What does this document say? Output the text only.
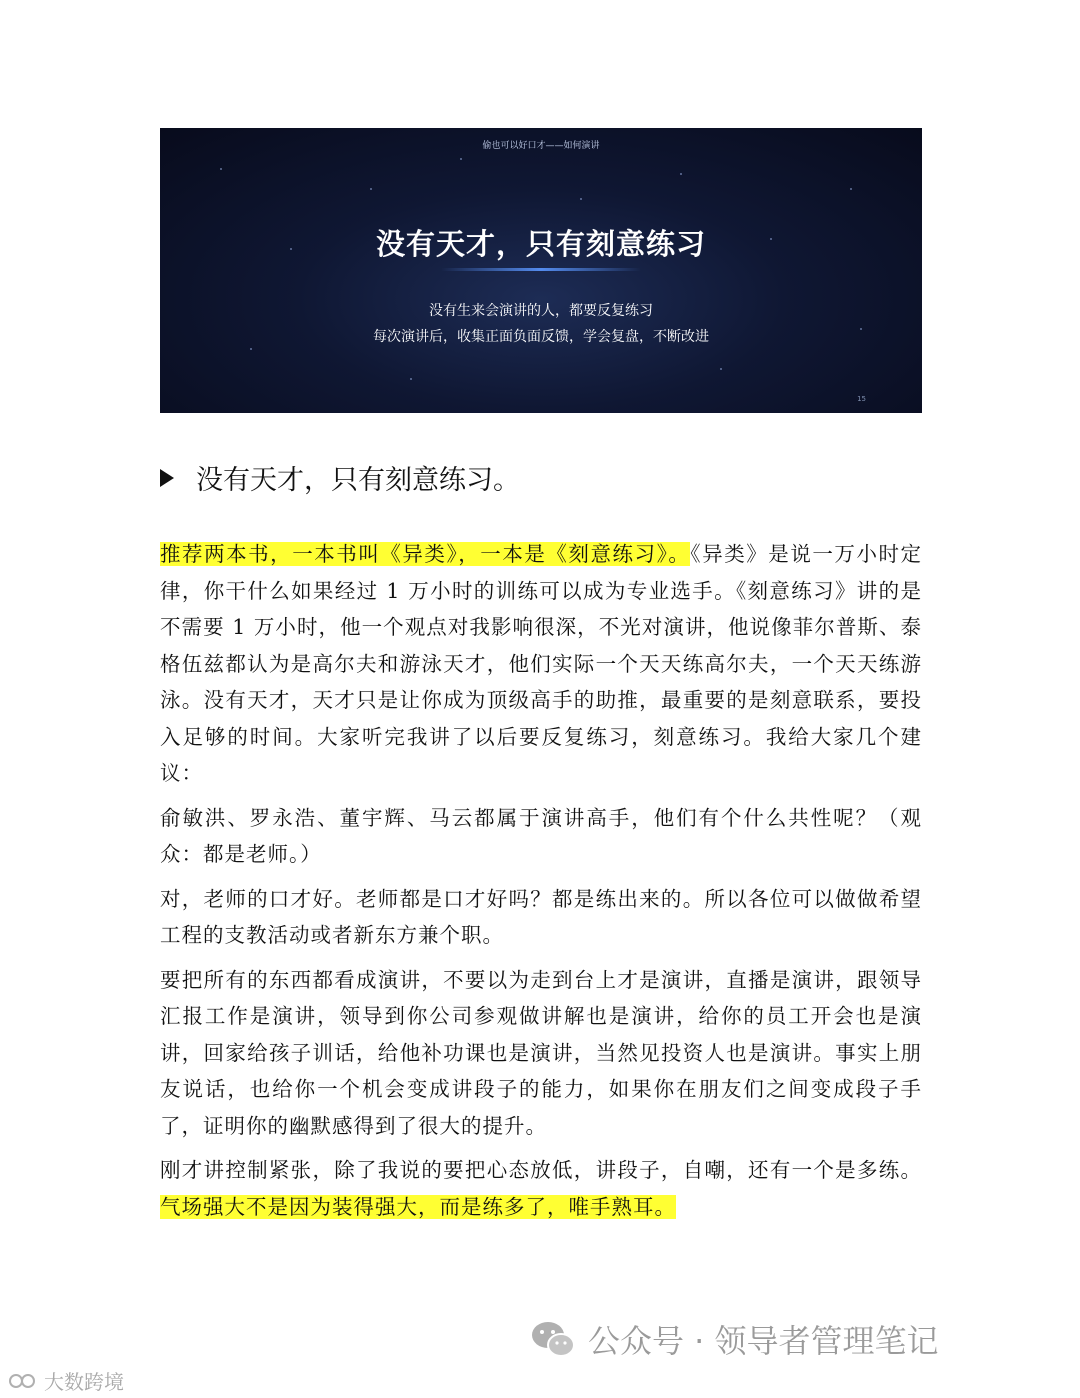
偷也可以好口才——如何演讲
没有天才，只有刻意练习
没有生来会演讲的人，都要反复练习
每次演讲后，收集正面负面反馈，学会复盘，不断改进
15
没有天才，只有刻意练习。

推荐两本书，一本书叫《异类》，一本是《刻意练习》。《异类》是说一万小时定律，你干什么如果经过 1 万小时的训练可以成为专业选手。《刻意练习》讲的是不需要 1 万小时，他一个观点对我影响很深，不光对演讲，他说像菲尔普斯、泰格伍兹都认为是高尔夫和游泳天才，他们实际一个天天练高尔夫，一个天天练游泳。没有天才，天才只是让你成为顶级高手的助推，最重要的是刻意联系，要投入足够的时间。大家听完我讲了以后要反复练习，刻意练习。我给大家几个建议：

俞敏洪、罗永浩、董宇辉、马云都属于演讲高手，他们有个什么共性呢？（观众：都是老师。）

对，老师的口才好。老师都是口才好吗？都是练出来的。所以各位可以做做希望工程的支教活动或者新东方兼个职。

要把所有的东西都看成演讲，不要以为走到台上才是演讲，直播是演讲，跟领导汇报工作是演讲，领导到你公司参观做讲解也是演讲，给你的员工开会也是演讲，回家给孩子训话，给他补功课也是演讲，当然见投资人也是演讲。事实上朋友说话，也给你一个机会变成讲段子的能力，如果你在朋友们之间变成段子手了，证明你的幽默感得到了很大的提升。

刚才讲控制紧张，除了我说的要把心态放低，讲段子，自嘲，还有一个是多练。气场强大不是因为装得强大，而是练多了，唯手熟耳。

公众号 · 领导者管理笔记
大数跨境
